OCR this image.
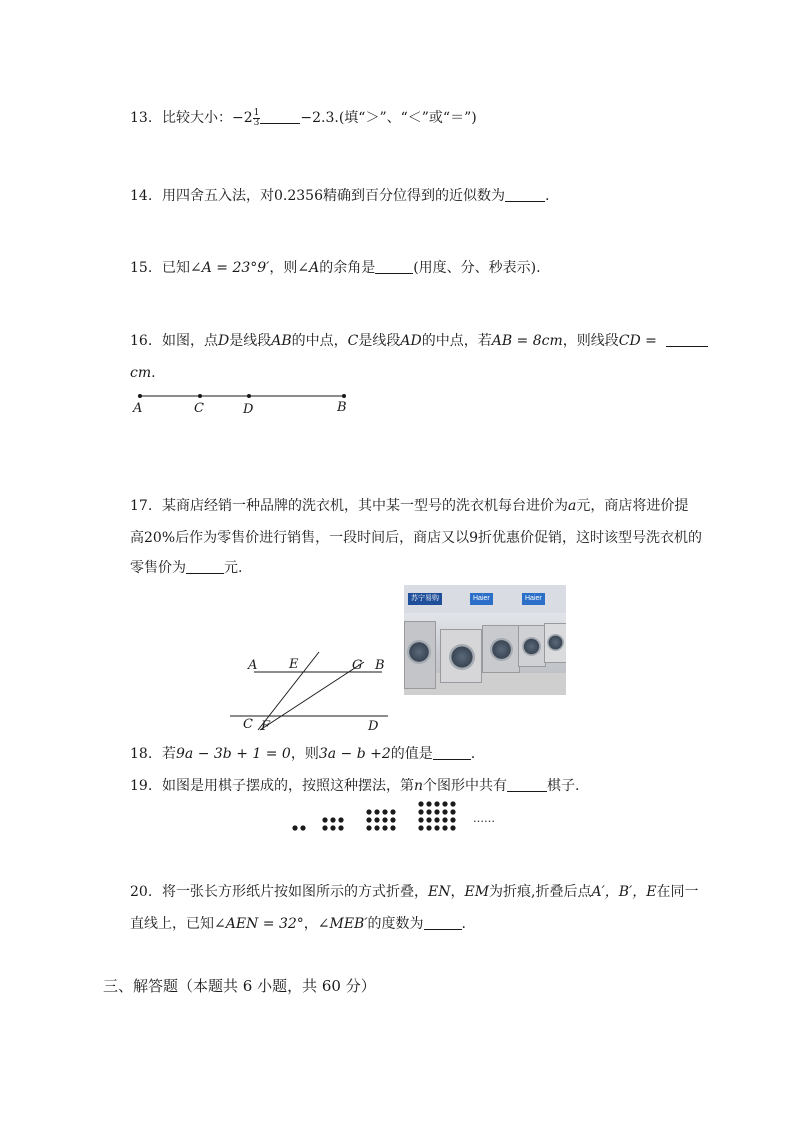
13. 比较大小：$-2 \frac{1}{3}$	−2.3.(填“＞”、“＜”或“＝”)
14. 用四舍五入法，对0.2356精确到百分位得到的近似数为	.
15. 已知∠A = 23°9′，则∠A的余角是	(用度、分、秒表示).
16. 如图，点D是线段AB的中点，C是线段AD的中点，若AB = 8cm，则线段CD =
cm.
A	C	D	B
17. 某商店经销一种品牌的洗衣机，其中某一型号的洗衣机每台进价为a元，商店将进价提
高20%后作为零售价进行销售，一段时间后，商店又以9折优惠价促销，这时该型号洗衣机的
零售价为	元.
A E	G B
C F	D
苏宁易购	Haier	Haier
18. 若9a − 3b + 1 = 0，则3a − b +2的值是	.
19. 如图是用棋子摆成的，按照这种摆法，第n个图形中共有	棋子.
……
20. 将一张长方形纸片按如图所示的方式折叠，EN，EM为折痕,折叠后点A′，B′，E在同一
直线上，已知∠AEN = 32°，∠MEB′的度数为	.
三、解答题（本题共 6 小题，共 60 分）
